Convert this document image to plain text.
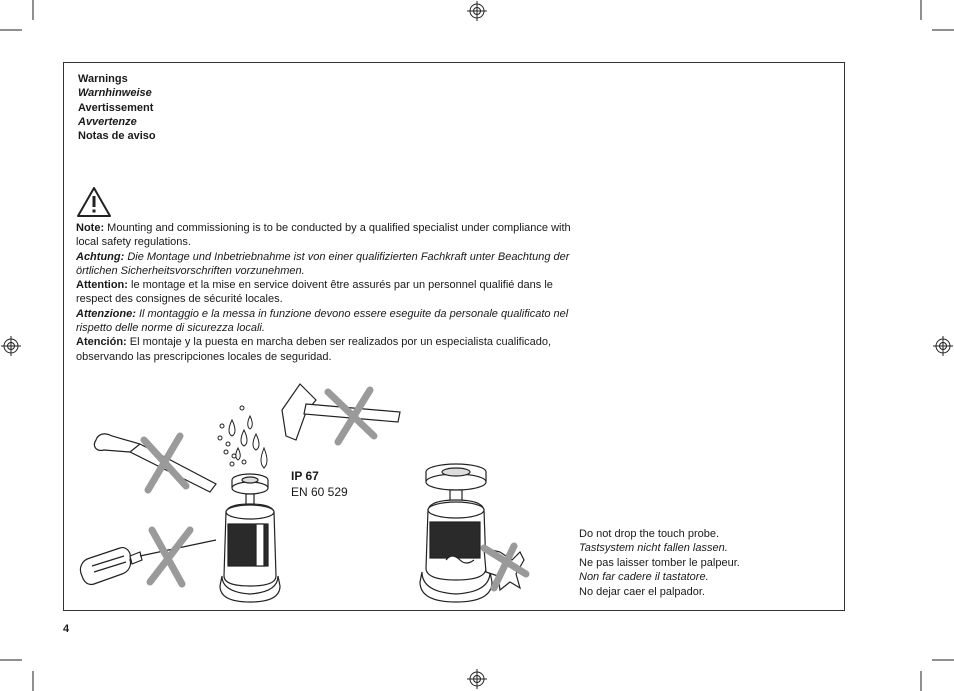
Warnings
Warnhinweise
Avertissement
Avvertenze
Notas de aviso

Note: Mounting and commissioning is to be conducted by a qualified specialist under compliance with local safety regulations.

Achtung: Die Montage und Inbetriebnahme ist von einer qualifizierten Fachkraft unter Beachtung der örtlichen Sicherheitsvorschriften vorzunehmen.

Attention: le montage et la mise en service doivent être assurés par un personnel qualifié dans le respect des consignes de sécurité locales.

Attenzione: Il montaggio e la messa in funzione devono essere eseguite da personale qualificato nel rispetto delle norme di sicurezza locali.

Atención: El montaje y la puesta en marcha deben ser realizados por un especialista cualificado, observando las prescripciones locales de seguridad.

IP 67
EN 60 529
Do not drop the touch probe.
Tastsystem nicht fallen lassen.
Ne pas laisser tomber le palpeur.
Non far cadere il tastatore.
No dejar caer el palpador.
4
